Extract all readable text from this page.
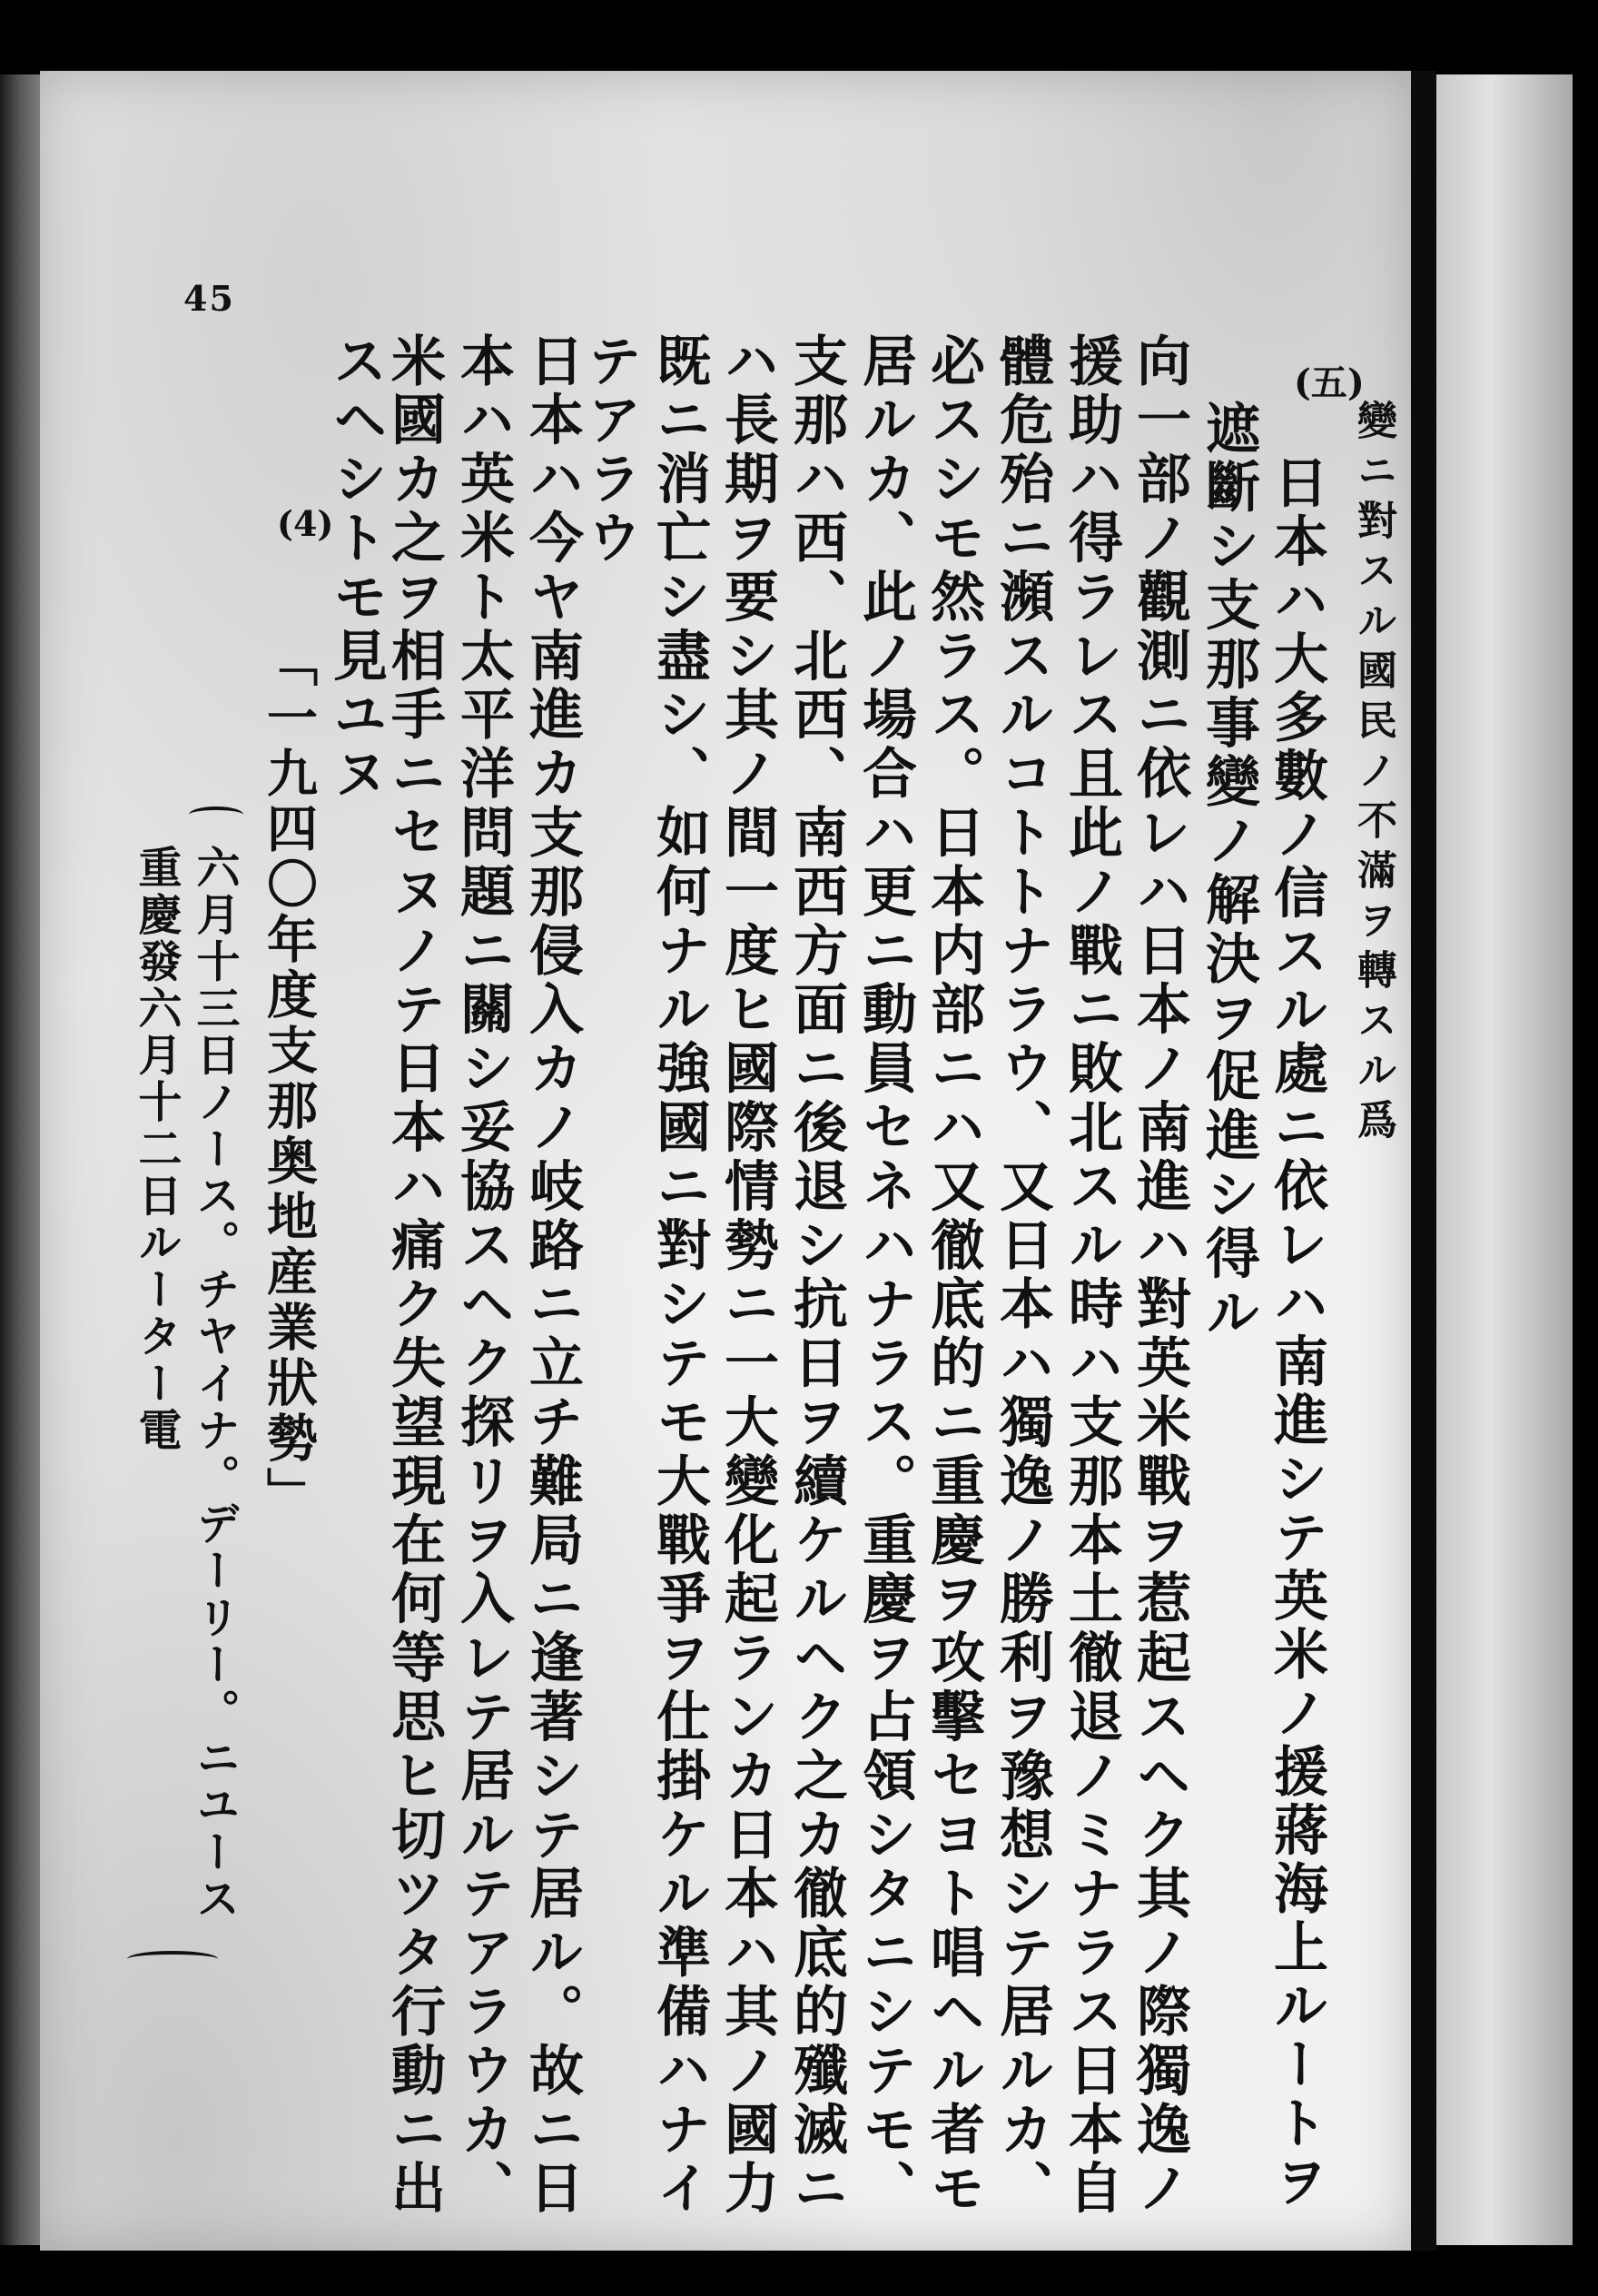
45
(五)
(4)	變ニ對スル國民ノ不滿ヲ轉スル爲
日本ハ大多數ノ信スル處ニ依レハ南進シテ英米ノ援蔣海上ルートヲ
遮斷シ支那事變ノ解決ヲ促進シ得ル
向一部ノ觀測ニ依レハ日本ノ南進ハ對英米戰ヲ惹起スヘク其ノ際獨逸ノ
援助ハ得ラレス且此ノ戰ニ敗北スル時ハ支那本土徹退ノミナラス日本自
體危殆ニ瀕スルコトトナラウ、又日本ハ獨逸ノ勝利ヲ豫想シテ居ルカ、
必スシモ然ラス。日本内部ニハ又徹底的ニ重慶ヲ攻擊セヨト唱ヘル者モ
居ルカ、此ノ場合ハ更ニ動員セネハナラス。重慶ヲ占領シタニシテモ、
支那ハ西、北西、南西方面ニ後退シ抗日ヲ續ケルヘク之カ徹底的殲滅ニ
ハ長期ヲ要シ其ノ間一度ヒ國際情勢ニ一大變化起ランカ日本ハ其ノ國力
既ニ消亡シ盡シ、如何ナル強國ニ對シテモ大戰爭ヲ仕掛ケル準備ハナイ
テアラウ
日本ハ今ヤ南進カ支那侵入カノ岐路ニ立チ難局ニ逢著シテ居ル。故ニ日
本ハ英米ト太平洋問題ニ關シ妥協スヘク探リヲ入レテ居ルテアラウカ、
米國カ之ヲ相手ニセヌノテ日本ハ痛ク失望現在何等思ヒ切ツタ行動ニ出
スヘシトモ見ユヌ
「一九四〇年度支那奥地産業狀勢」
六月十三日ノース。チヤイナ。デーリー。ニユース
重慶發六月十二日ルーター電
